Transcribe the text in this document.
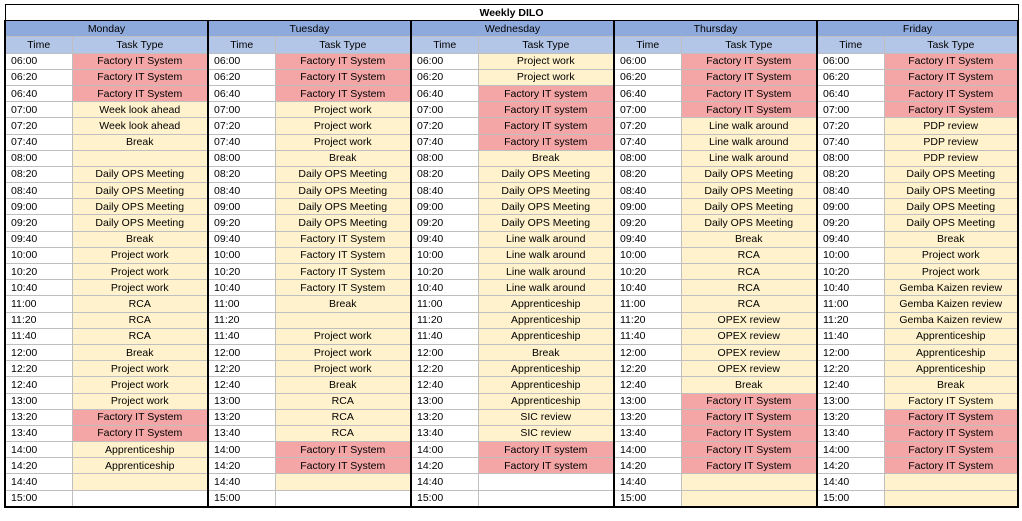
Weekly DILO									
Monday		Tuesday		Wednesday		Thursday		Friday	
Time	Task Type	Time	Task Type	Time	Task Type	Time	Task Type	Time	Task Type
06:00	Factory IT System	06:00	Factory IT System	06:00	Project work	06:00	Factory IT System	06:00	Factory IT System
06:20	Factory IT System	06:20	Factory IT System	06:20	Project work	06:20	Factory IT System	06:20	Factory IT System
06:40	Factory IT System	06:40	Factory IT System	06:40	Factory IT system	06:40	Factory IT System	06:40	Factory IT System
07:00	Week look ahead	07:00	Project work	07:00	Factory IT system	07:00	Factory IT System	07:00	Factory IT System
07:20	Week look ahead	07:20	Project work	07:20	Factory IT system	07:20	Line walk around	07:20	PDP review
07:40	Break	07:40	Project work	07:40	Factory IT system	07:40	Line walk around	07:40	PDP review
08:00		08:00	Break	08:00	Break	08:00	Line walk around	08:00	PDP review
08:20	Daily OPS Meeting	08:20	Daily OPS Meeting	08:20	Daily OPS Meeting	08:20	Daily OPS Meeting	08:20	Daily OPS Meeting
08:40	Daily OPS Meeting	08:40	Daily OPS Meeting	08:40	Daily OPS Meeting	08:40	Daily OPS Meeting	08:40	Daily OPS Meeting
09:00	Daily OPS Meeting	09:00	Daily OPS Meeting	09:00	Daily OPS Meeting	09:00	Daily OPS Meeting	09:00	Daily OPS Meeting
09:20	Daily OPS Meeting	09:20	Daily OPS Meeting	09:20	Daily OPS Meeting	09:20	Daily OPS Meeting	09:20	Daily OPS Meeting
09:40	Break	09:40	Factory IT System	09:40	Line walk around	09:40	Break	09:40	Break
10:00	Project work	10:00	Factory IT System	10:00	Line walk around	10:00	RCA	10:00	Project work
10:20	Project work	10:20	Factory IT System	10:20	Line walk around	10:20	RCA	10:20	Project work
10:40	Project work	10:40	Factory IT System	10:40	Line walk around	10:40	RCA	10:40	Gemba Kaizen review
11:00	RCA	11:00	Break	11:00	Apprenticeship	11:00	RCA	11:00	Gemba Kaizen review
11:20	RCA	11:20		11:20	Apprenticeship	11:20	OPEX review	11:20	Gemba Kaizen review
11:40	RCA	11:40	Project work	11:40	Apprenticeship	11:40	OPEX review	11:40	Apprenticeship
12:00	Break	12:00	Project work	12:00	Break	12:00	OPEX review	12:00	Apprenticeship
12:20	Project work	12:20	Project work	12:20	Apprenticeship	12:20	OPEX review	12:20	Apprenticeship
12:40	Project work	12:40	Break	12:40	Apprenticeship	12:40	Break	12:40	Break
13:00	Project work	13:00	RCA	13:00	Apprenticeship	13:00	Factory IT System	13:00	Factory IT System
13:20	Factory IT System	13:20	RCA	13:20	SIC review	13:20	Factory IT System	13:20	Factory IT System
13:40	Factory IT System	13:40	RCA	13:40	SIC review	13:40	Factory IT System	13:40	Factory IT System
14:00	Apprenticeship	14:00	Factory IT System	14:00	Factory IT system	14:00	Factory IT System	14:00	Factory IT System
14:20	Apprenticeship	14:20	Factory IT System	14:20	Factory IT system	14:20	Factory IT System	14:20	Factory IT System
14:40		14:40		14:40		14:40		14:40	
15:00		15:00		15:00		15:00		15:00	
